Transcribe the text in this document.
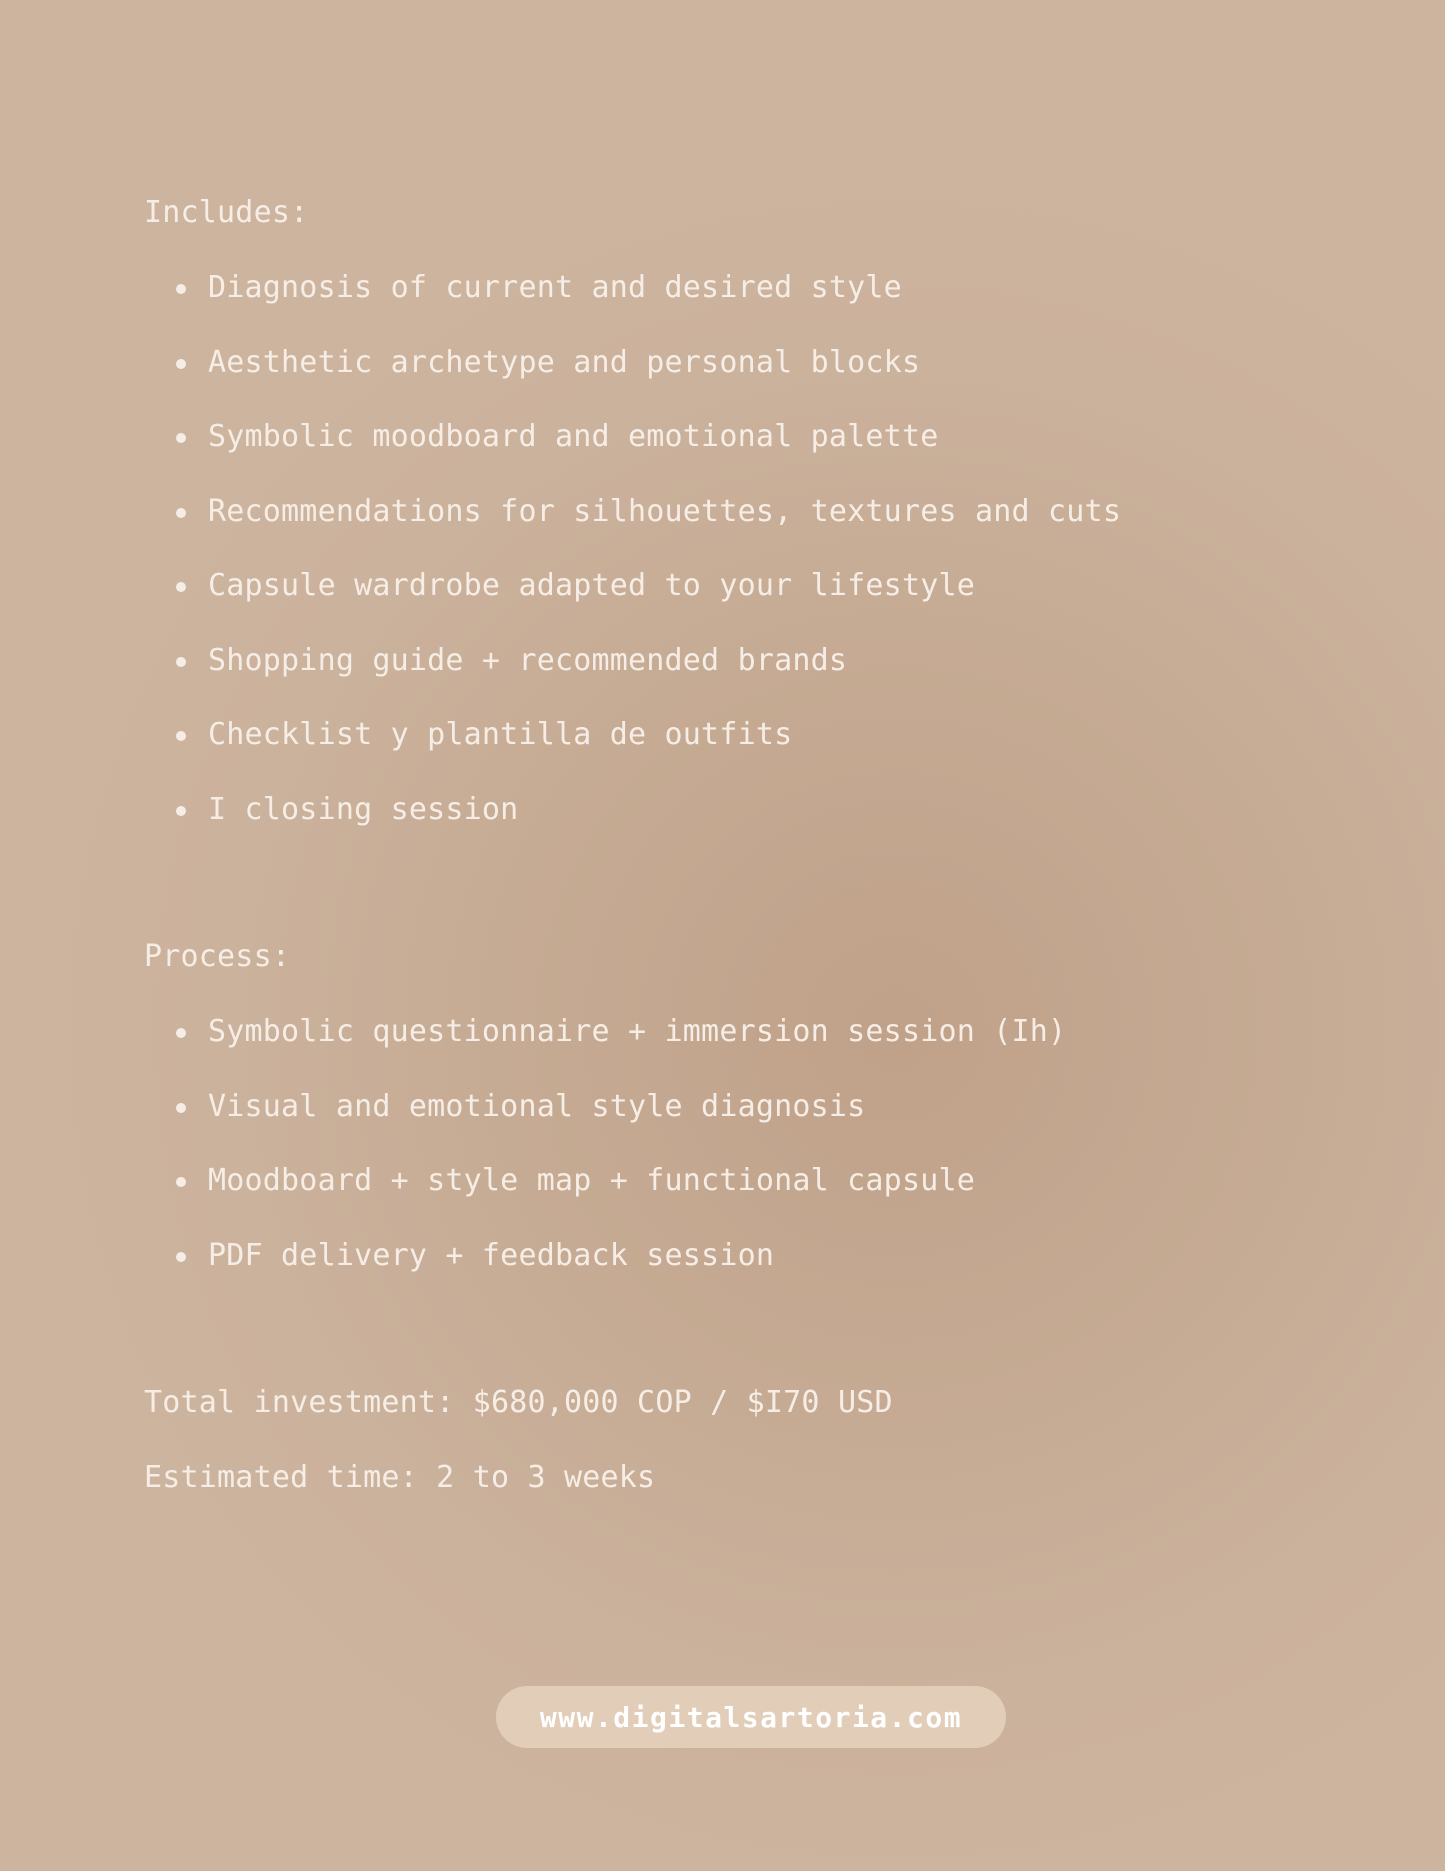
Includes:
Diagnosis of current and desired style
Aesthetic archetype and personal blocks
Symbolic moodboard and emotional palette
Recommendations for silhouettes, textures and cuts
Capsule wardrobe adapted to your lifestyle
Shopping guide + recommended brands
Checklist y plantilla de outfits
I closing session
Process:
Symbolic questionnaire + immersion session (Ih)
Visual and emotional style diagnosis
Moodboard + style map + functional capsule
PDF delivery + feedback session
Total investment: $680,000 COP / $I70 USD
Estimated time: 2 to 3 weeks
www.digitalsartoria.com
